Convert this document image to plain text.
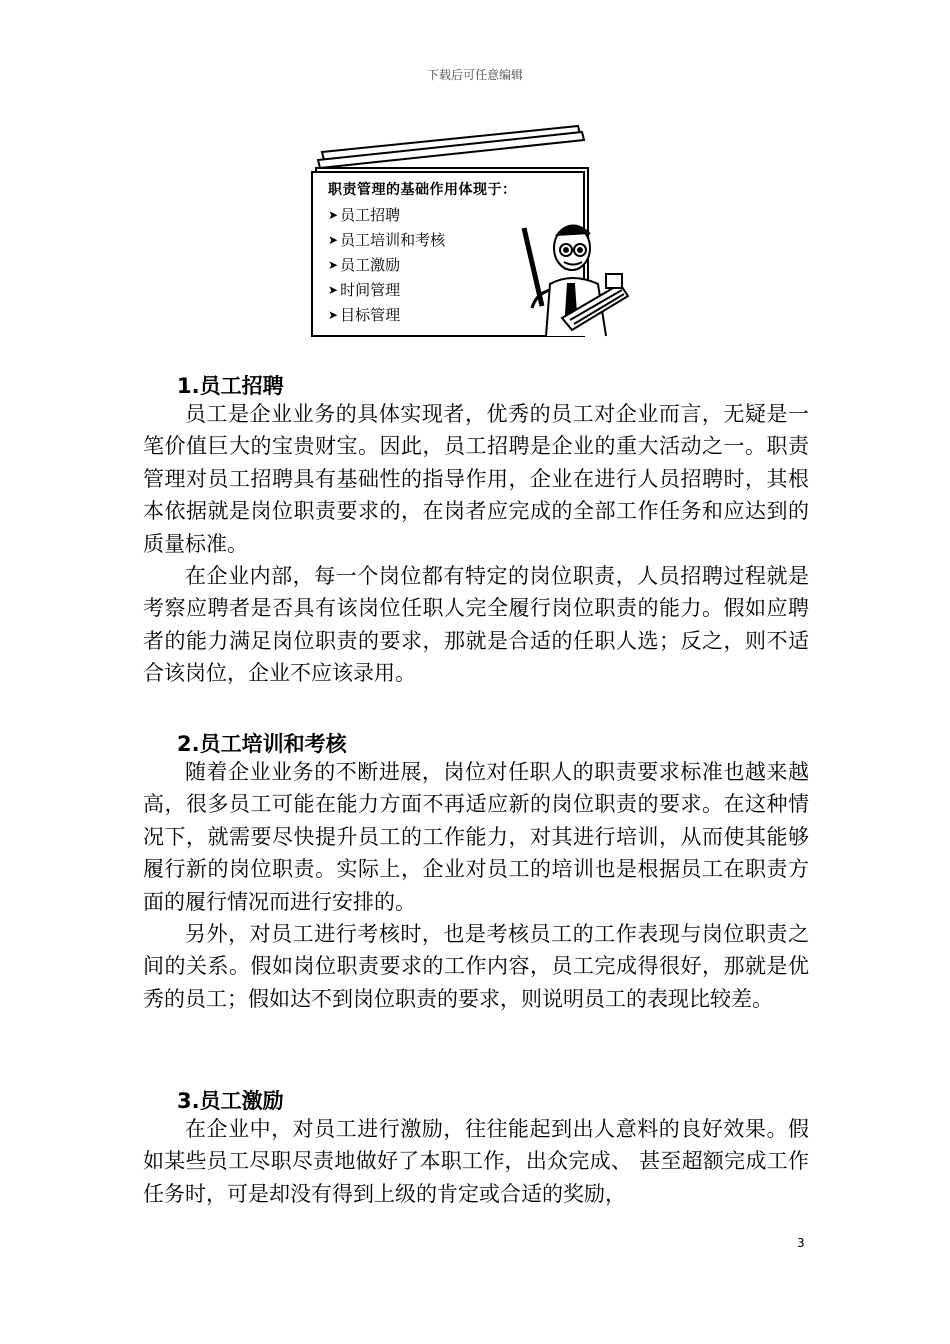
下载后可任意编辑
职责管理的基础作用体现于：
➤ 员工招聘
➤ 员工培训和考核
➤ 员工激励
➤ 时间管理
➤ 目标管理
1.员工招聘

员工是企业业务的具体实现者，优秀的员工对企业而言，无疑是一笔价值巨大的宝贵财宝。因此，员工招聘是企业的重大活动之一。职责管理对员工招聘具有基础性的指导作用，企业在进行人员招聘时，其根本依据就是岗位职责要求的，在岗者应完成的全部工作任务和应达到的质量标准。

在企业内部，每一个岗位都有特定的岗位职责，人员招聘过程就是考察应聘者是否具有该岗位任职人完全履行岗位职责的能力。假如应聘者的能力满足岗位职责的要求，那就是合适的任职人选；反之，则不适合该岗位，企业不应该录用。

2.员工培训和考核

随着企业业务的不断进展，岗位对任职人的职责要求标准也越来越高，很多员工可能在能力方面不再适应新的岗位职责的要求。在这种情况下，就需要尽快提升员工的工作能力，对其进行培训，从而使其能够履行新的岗位职责。实际上，企业对员工的培训也是根据员工在职责方面的履行情况而进行安排的。

另外，对员工进行考核时，也是考核员工的工作表现与岗位职责之间的关系。假如岗位职责要求的工作内容，员工完成得很好，那就是优秀的员工；假如达不到岗位职责的要求，则说明员工的表现比较差。

3.员工激励

在企业中，对员工进行激励，往往能起到出人意料的良好效果。假如某些员工尽职尽责地做好了本职工作，出众完成、 甚至超额完成工作任务时，可是却没有得到上级的肯定或合适的奖励，

3
